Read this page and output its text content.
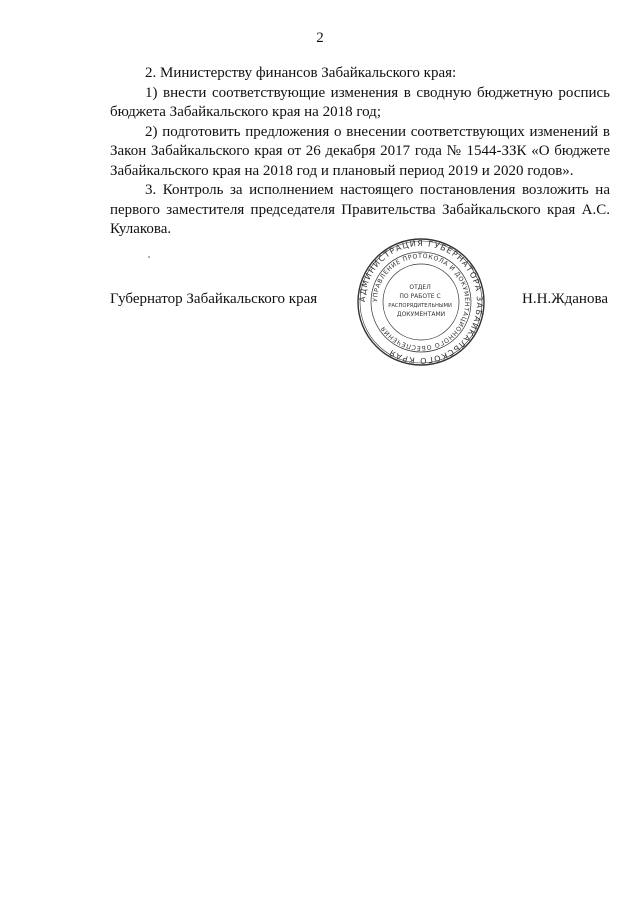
2

2. Министерству финансов Забайкальского края:

1) внести соответствующие изменения в сводную бюджетную роспись бюджета Забайкальского края на 2018 год;

2) подготовить предложения о внесении соответствующих изменений в Закон Забайкальского края от 26 декабря 2017 года № 1544-ЗЗК «О бюджете Забайкальского края на 2018 год и плановый период 2019 и 2020 годов».

3. Контроль за исполнением настоящего постановления возложить на первого заместителя председателя Правительства Забайкальского края А.С. Кулакова.

Губернатор Забайкальского края	АДМИНИСТРАЦИЯ ГУБЕРНАТОРА ЗАБАЙКАЛЬСКОГО КРАЯ
УПРАВЛЕНИЕ ПРОТОКОЛА И ДОКУМЕНТАЦИОННОГО ОБЕСПЕЧЕНИЯ
ОТДЕЛ ПО РАБОТЕ С РАСПОРЯДИТЕЛЬНЫМИ ДОКУМЕНТАМИ
Н.Н.Жданова
